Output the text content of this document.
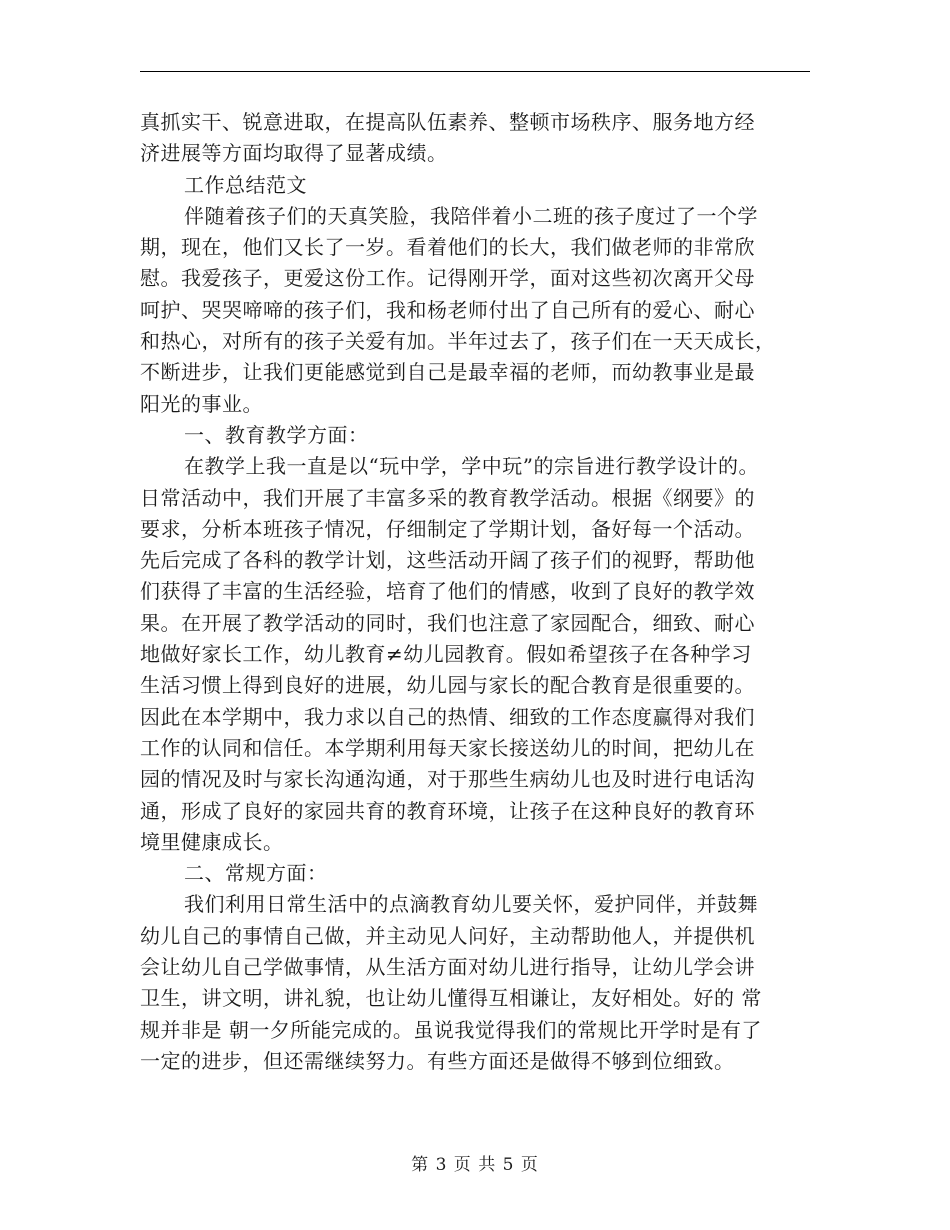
真抓实干、锐意进取，在提高队伍素养、整顿市场秩序、服务地方经
济进展等方面均取得了显著成绩。
工作总结范文
伴随着孩子们的天真笑脸，我陪伴着小二班的孩子度过了一个学
期，现在，他们又长了一岁。看着他们的长大，我们做老师的非常欣
慰。我爱孩子，更爱这份工作。记得刚开学，面对这些初次离开父母
呵护、哭哭啼啼的孩子们，我和杨老师付出了自己所有的爱心、耐心
和热心，对所有的孩子关爱有加。半年过去了，孩子们在一天天成长，
不断进步，让我们更能感觉到自己是最幸福的老师，而幼教事业是最
阳光的事业。
一、教育教学方面：
在教学上我一直是以“玩中学，学中玩”的宗旨进行教学设计的。
日常活动中，我们开展了丰富多采的教育教学活动。根据《纲要》的
要求，分析本班孩子情况，仔细制定了学期计划，备好每一个活动。
先后完成了各科的教学计划，这些活动开阔了孩子们的视野，帮助他
们获得了丰富的生活经验，培育了他们的情感，收到了良好的教学效
果。在开展了教学活动的同时，我们也注意了家园配合，细致、耐心
地做好家长工作，幼儿教育≠幼儿园教育。假如希望孩子在各种学习
生活习惯上得到良好的进展，幼儿园与家长的配合教育是很重要的。
因此在本学期中，我力求以自己的热情、细致的工作态度赢得对我们
工作的认同和信任。本学期利用每天家长接送幼儿的时间，把幼儿在
园的情况及时与家长沟通沟通，对于那些生病幼儿也及时进行电话沟
通，形成了良好的家园共育的教育环境，让孩子在这种良好的教育环
境里健康成长。
二、常规方面：
我们利用日常生活中的点滴教育幼儿要关怀，爱护同伴，并鼓舞
幼儿自己的事情自己做，并主动见人问好，主动帮助他人，并提供机
会让幼儿自己学做事情，从生活方面对幼儿进行指导，让幼儿学会讲
卫生，讲文明，讲礼貌，也让幼儿懂得互相谦让，友好相处。好的 常
规并非是 朝一夕所能完成的。虽说我觉得我们的常规比开学时是有了
一定的进步，但还需继续努力。有些方面还是做得不够到位细致。
第 3 页 共 5 页
